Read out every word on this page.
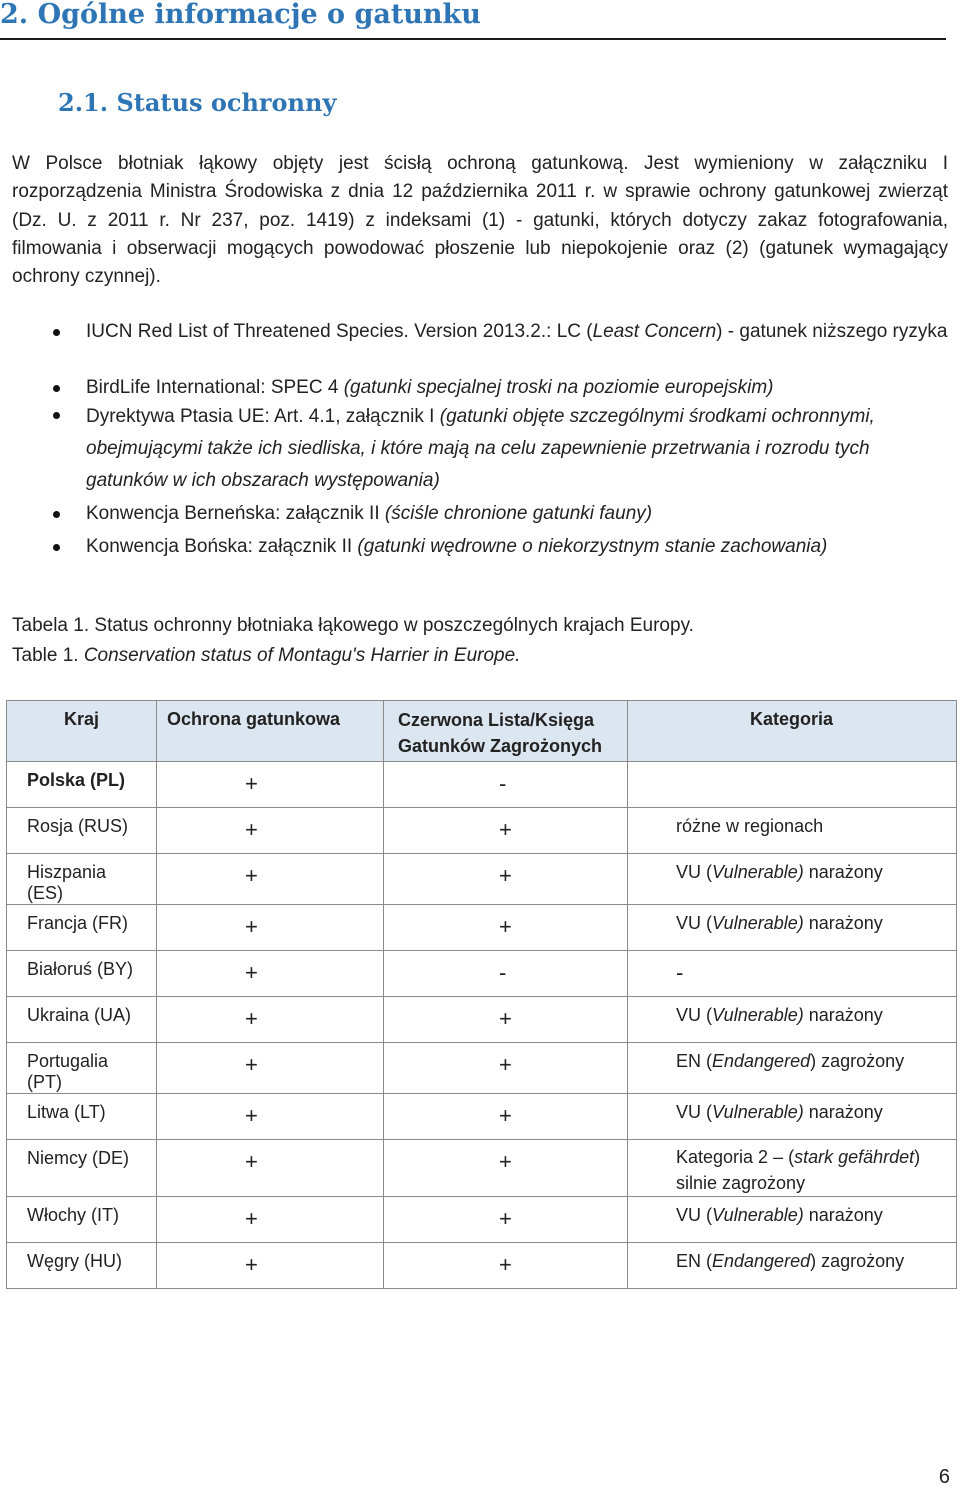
2. Ogólne informacje o gatunku
2.1. Status ochronny
W Polsce błotniak łąkowy objęty jest ścisłą ochroną gatunkową. Jest wymieniony w załączniku I rozporządzenia Ministra Środowiska z dnia 12 października 2011 r. w sprawie ochrony gatunkowej zwierząt (Dz. U. z 2011 r. Nr 237, poz. 1419) z indeksami (1) - gatunki, których dotyczy zakaz fotografowania, filmowania i obserwacji mogących powodować płoszenie lub niepokojenie oraz (2) (gatunek wymagający ochrony czynnej).
IUCN Red List of Threatened Species. Version 2013.2.: LC (Least Concern) - gatunek niższego ryzyka
BirdLife International: SPEC 4 (gatunki specjalnej troski na poziomie europejskim)
Dyrektywa Ptasia UE: Art. 4.1, załącznik I (gatunki objęte szczególnymi środkami ochronnymi, obejmującymi także ich siedliska, i które mają na celu zapewnienie przetrwania i rozrodu tych gatunków w ich obszarach występowania)
Konwencja Berneńska: załącznik II (ściśle chronione gatunki fauny)
Konwencja Bońska: załącznik II (gatunki wędrowne o niekorzystnym stanie zachowania)
Tabela 1. Status ochronny błotniaka łąkowego w poszczególnych krajach Europy.
Table 1. Conservation status of Montagu's Harrier in Europe.
Kraj	Ochrona gatunkowa	Czerwona Lista/Księga Gatunków Zagrożonych	Kategoria
Polska (PL)	+	-	
Rosja (RUS)	+	+	różne w regionach
Hiszpania (ES)	+	+	VU (Vulnerable) narażony
Francja (FR)	+	+	VU (Vulnerable) narażony
Białoruś (BY)	+	-	-
Ukraina (UA)	+	+	VU (Vulnerable) narażony
Portugalia (PT)	+	+	EN (Endangered) zagrożony
Litwa (LT)	+	+	VU (Vulnerable) narażony
Niemcy (DE)	+	+	Kategoria 2 – (stark gefährdet) silnie zagrożony
Włochy (IT)	+	+	VU (Vulnerable) narażony
Węgry (HU)	+	+	EN (Endangered) zagrożony
6
